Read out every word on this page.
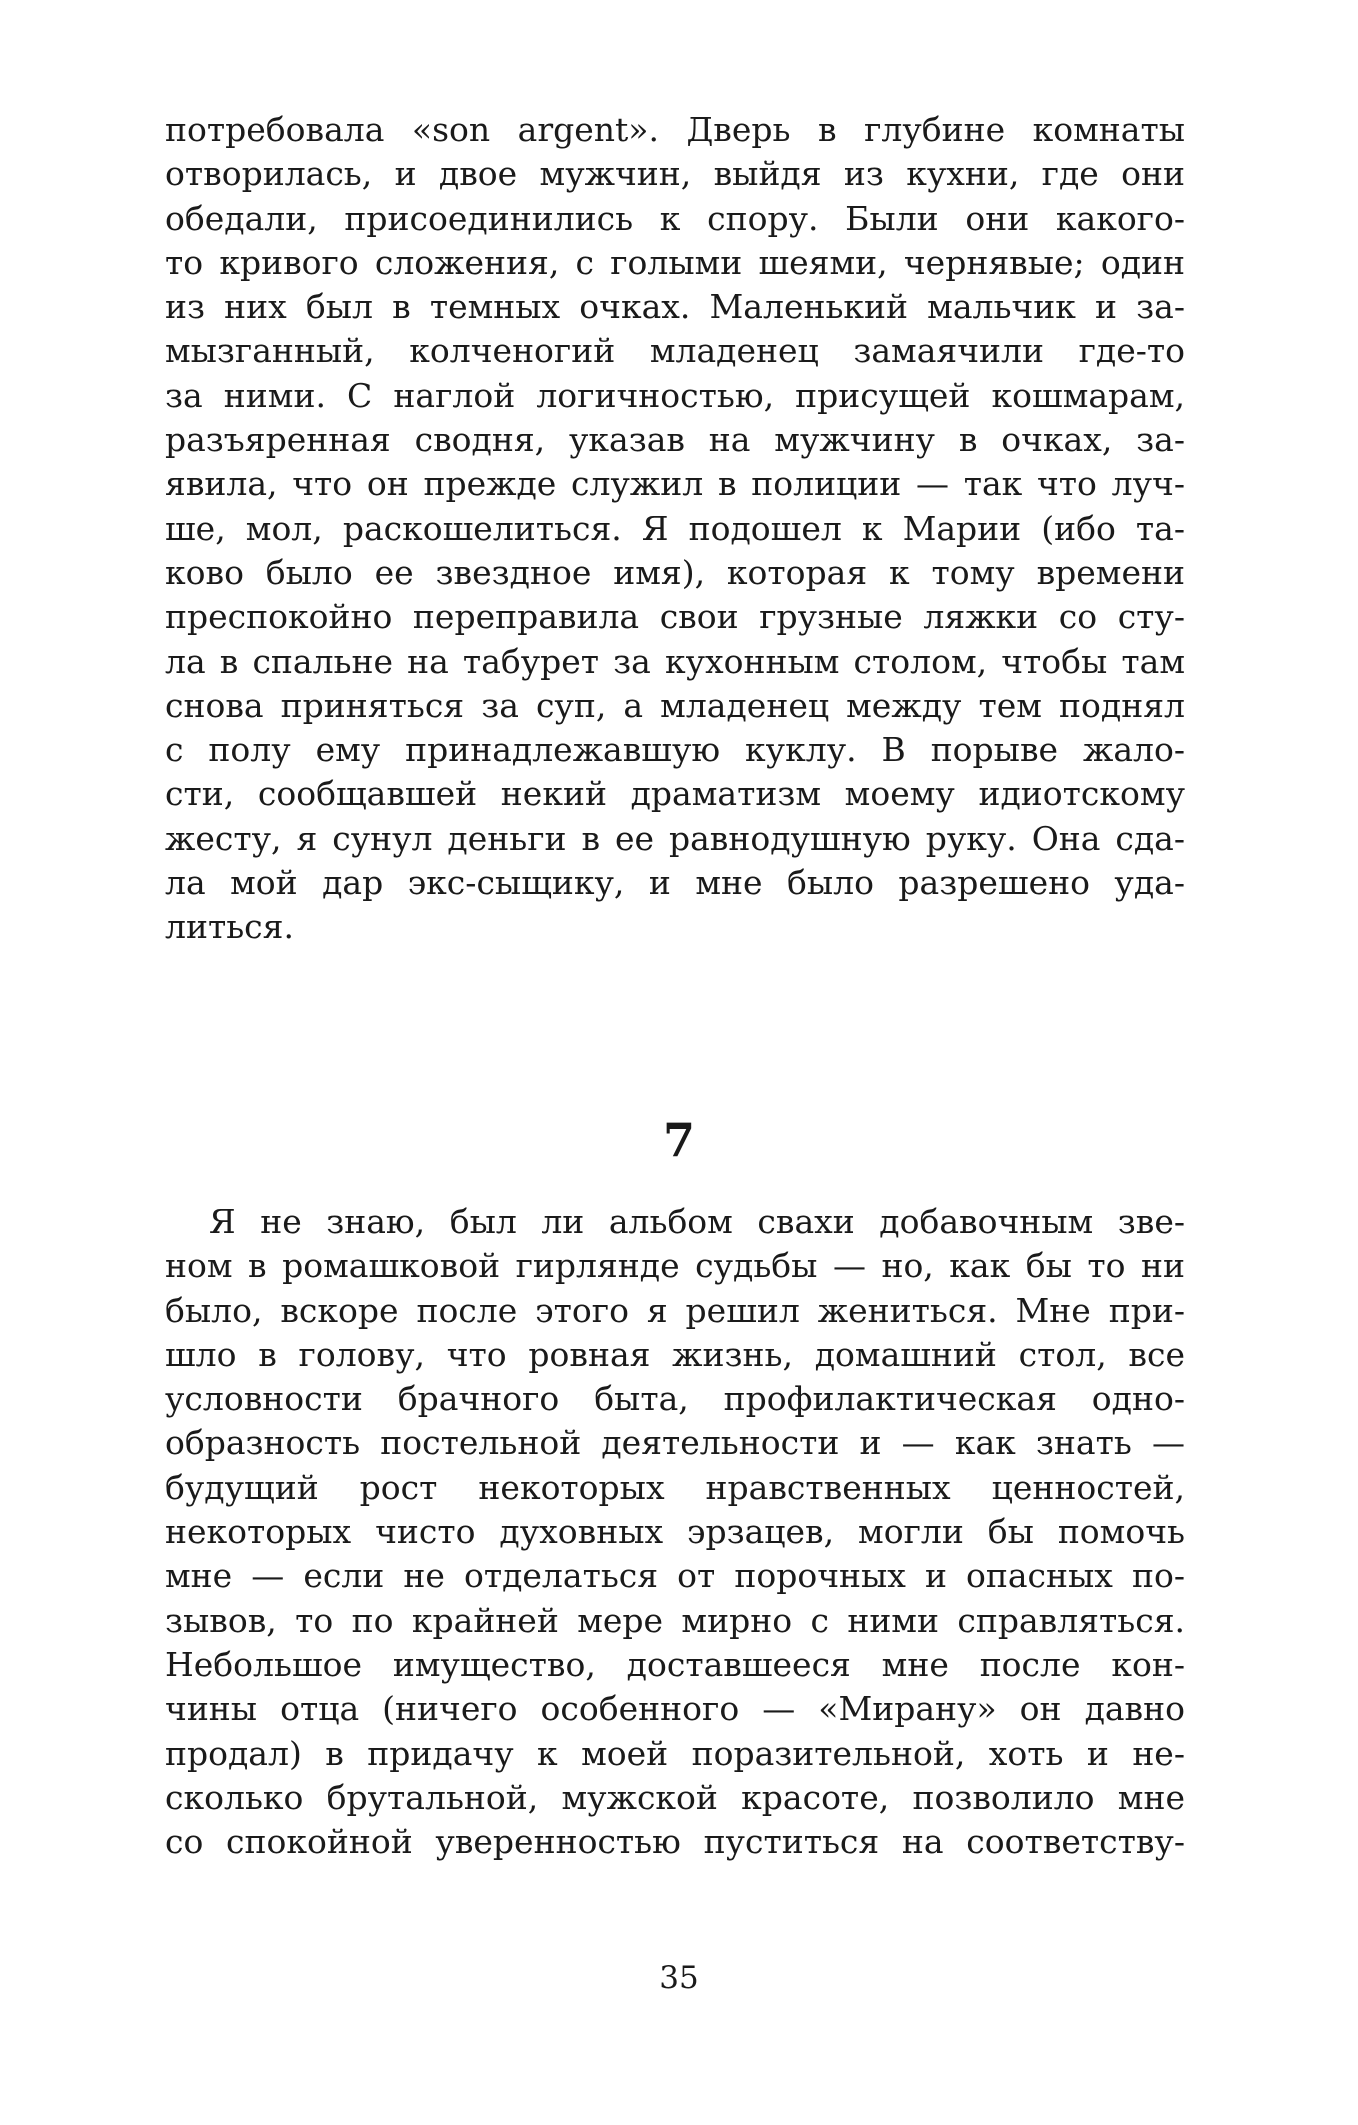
потребовала «son argent». Дверь в глубине комнаты
отворилась, и двое мужчин, выйдя из кухни, где они
обедали, присоединились к спору. Были они какого-
то кривого сложения, с голыми шеями, чернявые; один
из них был в темных очках. Маленький мальчик и за-
мызганный, колченогий младенец замаячили где-то
за ними. С наглой логичностью, присущей кошмарам,
разъяренная сводня, указав на мужчину в очках, за-
явила, что он прежде служил в полиции — так что луч-
ше, мол, раскошелиться. Я подошел к Марии (ибо та-
ково было ее звездное имя), которая к тому времени
преспокойно переправила свои грузные ляжки со сту-
ла в спальне на табурет за кухонным столом, чтобы там
снова приняться за суп, а младенец между тем поднял
с полу ему принадлежавшую куклу. В порыве жало-
сти, сообщавшей некий драматизм моему идиотскому
жесту, я сунул деньги в ее равнодушную руку. Она сда-
ла мой дар экс-сыщику, и мне было разрешено уда-
литься.
7
Я не знаю, был ли альбом свахи добавочным зве-
ном в ромашковой гирлянде судьбы — но, как бы то ни
было, вскоре после этого я решил жениться. Мне при-
шло в голову, что ровная жизнь, домашний стол, все
условности брачного быта, профилактическая одно-
образность постельной деятельности и — как знать —
будущий рост некоторых нравственных ценностей,
некоторых чисто духовных эрзацев, могли бы помочь
мне — если не отделаться от порочных и опасных по-
зывов, то по крайней мере мирно с ними справляться.
Небольшое имущество, доставшееся мне после кон-
чины отца (ничего особенного — «Мирану» он давно
продал) в придачу к моей поразительной, хоть и не-
сколько брутальной, мужской красоте, позволило мне
со спокойной уверенностью пуститься на соответству-
35
